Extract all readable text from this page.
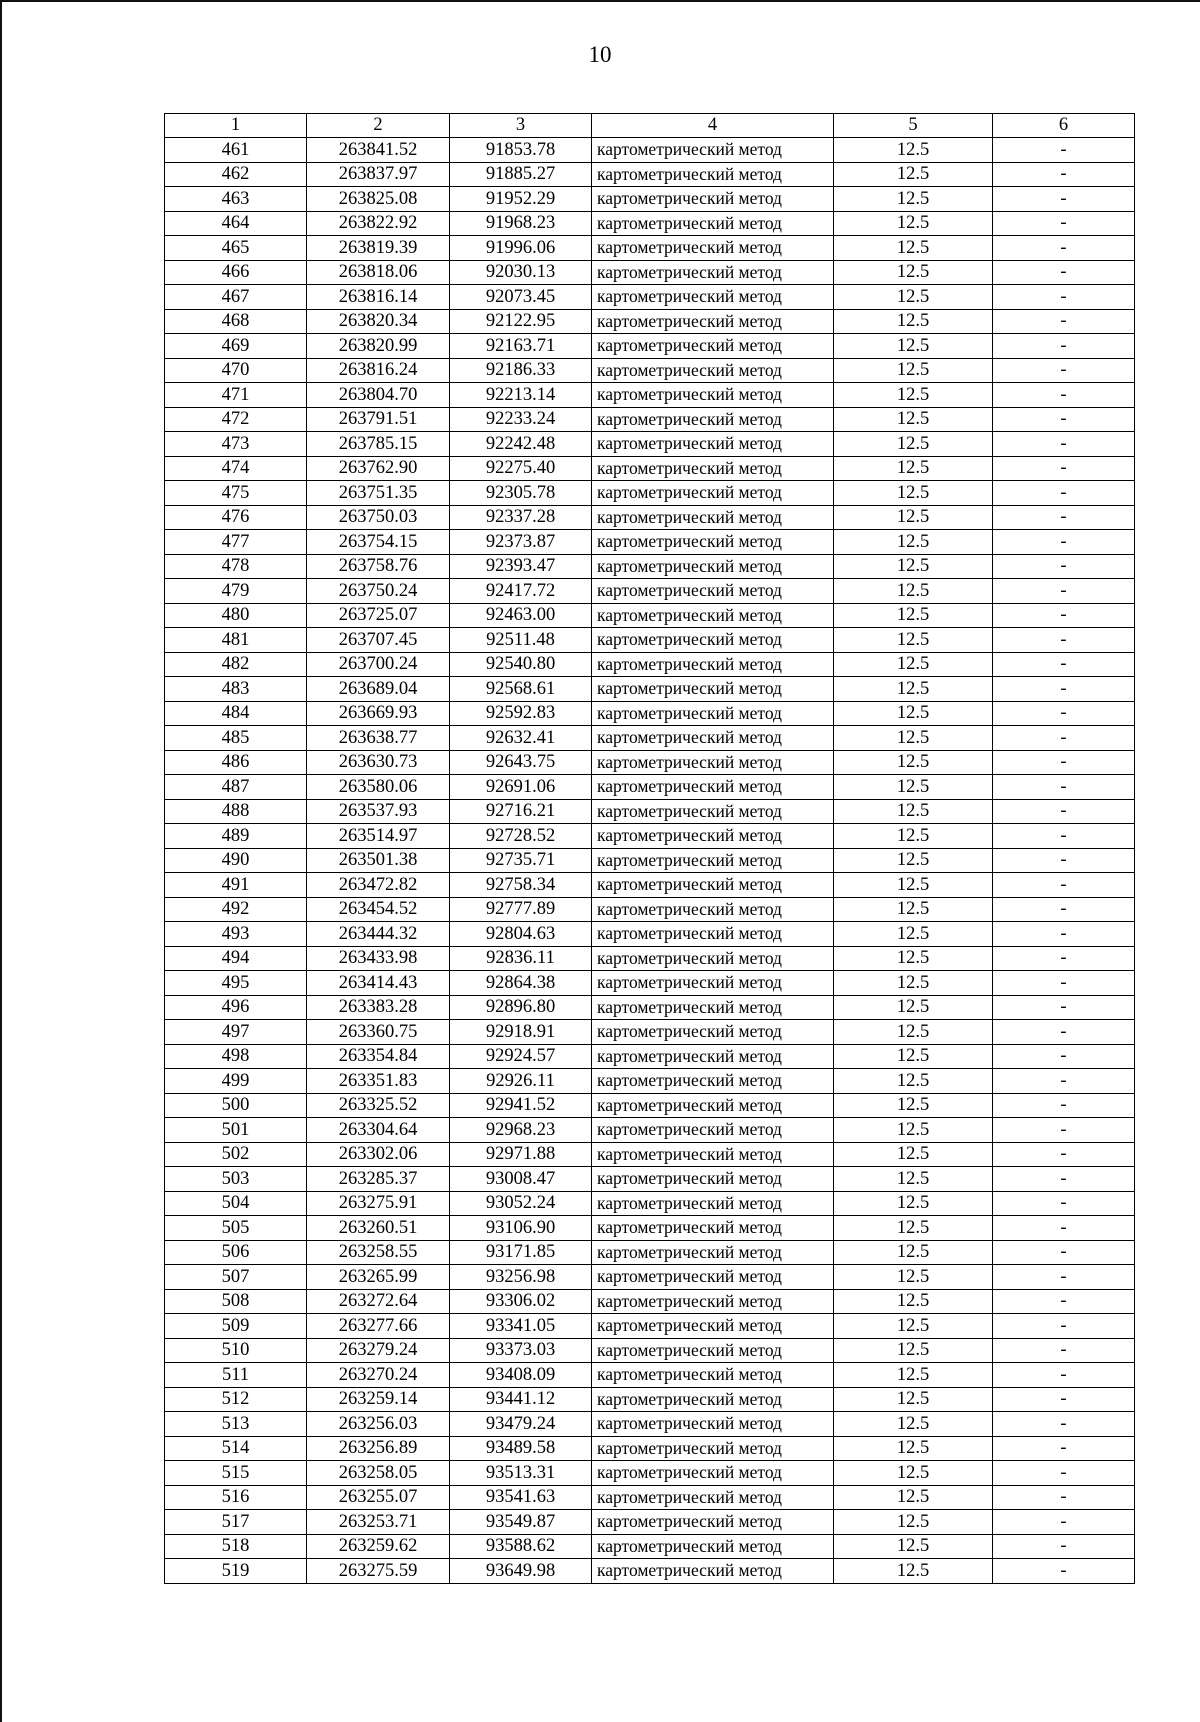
10
1	2	3	4	5	6
461	263841.52	91853.78	картометрический метод	12.5	-
462	263837.97	91885.27	картометрический метод	12.5	-
463	263825.08	91952.29	картометрический метод	12.5	-
464	263822.92	91968.23	картометрический метод	12.5	-
465	263819.39	91996.06	картометрический метод	12.5	-
466	263818.06	92030.13	картометрический метод	12.5	-
467	263816.14	92073.45	картометрический метод	12.5	-
468	263820.34	92122.95	картометрический метод	12.5	-
469	263820.99	92163.71	картометрический метод	12.5	-
470	263816.24	92186.33	картометрический метод	12.5	-
471	263804.70	92213.14	картометрический метод	12.5	-
472	263791.51	92233.24	картометрический метод	12.5	-
473	263785.15	92242.48	картометрический метод	12.5	-
474	263762.90	92275.40	картометрический метод	12.5	-
475	263751.35	92305.78	картометрический метод	12.5	-
476	263750.03	92337.28	картометрический метод	12.5	-
477	263754.15	92373.87	картометрический метод	12.5	-
478	263758.76	92393.47	картометрический метод	12.5	-
479	263750.24	92417.72	картометрический метод	12.5	-
480	263725.07	92463.00	картометрический метод	12.5	-
481	263707.45	92511.48	картометрический метод	12.5	-
482	263700.24	92540.80	картометрический метод	12.5	-
483	263689.04	92568.61	картометрический метод	12.5	-
484	263669.93	92592.83	картометрический метод	12.5	-
485	263638.77	92632.41	картометрический метод	12.5	-
486	263630.73	92643.75	картометрический метод	12.5	-
487	263580.06	92691.06	картометрический метод	12.5	-
488	263537.93	92716.21	картометрический метод	12.5	-
489	263514.97	92728.52	картометрический метод	12.5	-
490	263501.38	92735.71	картометрический метод	12.5	-
491	263472.82	92758.34	картометрический метод	12.5	-
492	263454.52	92777.89	картометрический метод	12.5	-
493	263444.32	92804.63	картометрический метод	12.5	-
494	263433.98	92836.11	картометрический метод	12.5	-
495	263414.43	92864.38	картометрический метод	12.5	-
496	263383.28	92896.80	картометрический метод	12.5	-
497	263360.75	92918.91	картометрический метод	12.5	-
498	263354.84	92924.57	картометрический метод	12.5	-
499	263351.83	92926.11	картометрический метод	12.5	-
500	263325.52	92941.52	картометрический метод	12.5	-
501	263304.64	92968.23	картометрический метод	12.5	-
502	263302.06	92971.88	картометрический метод	12.5	-
503	263285.37	93008.47	картометрический метод	12.5	-
504	263275.91	93052.24	картометрический метод	12.5	-
505	263260.51	93106.90	картометрический метод	12.5	-
506	263258.55	93171.85	картометрический метод	12.5	-
507	263265.99	93256.98	картометрический метод	12.5	-
508	263272.64	93306.02	картометрический метод	12.5	-
509	263277.66	93341.05	картометрический метод	12.5	-
510	263279.24	93373.03	картометрический метод	12.5	-
511	263270.24	93408.09	картометрический метод	12.5	-
512	263259.14	93441.12	картометрический метод	12.5	-
513	263256.03	93479.24	картометрический метод	12.5	-
514	263256.89	93489.58	картометрический метод	12.5	-
515	263258.05	93513.31	картометрический метод	12.5	-
516	263255.07	93541.63	картометрический метод	12.5	-
517	263253.71	93549.87	картометрический метод	12.5	-
518	263259.62	93588.62	картометрический метод	12.5	-
519	263275.59	93649.98	картометрический метод	12.5	-
